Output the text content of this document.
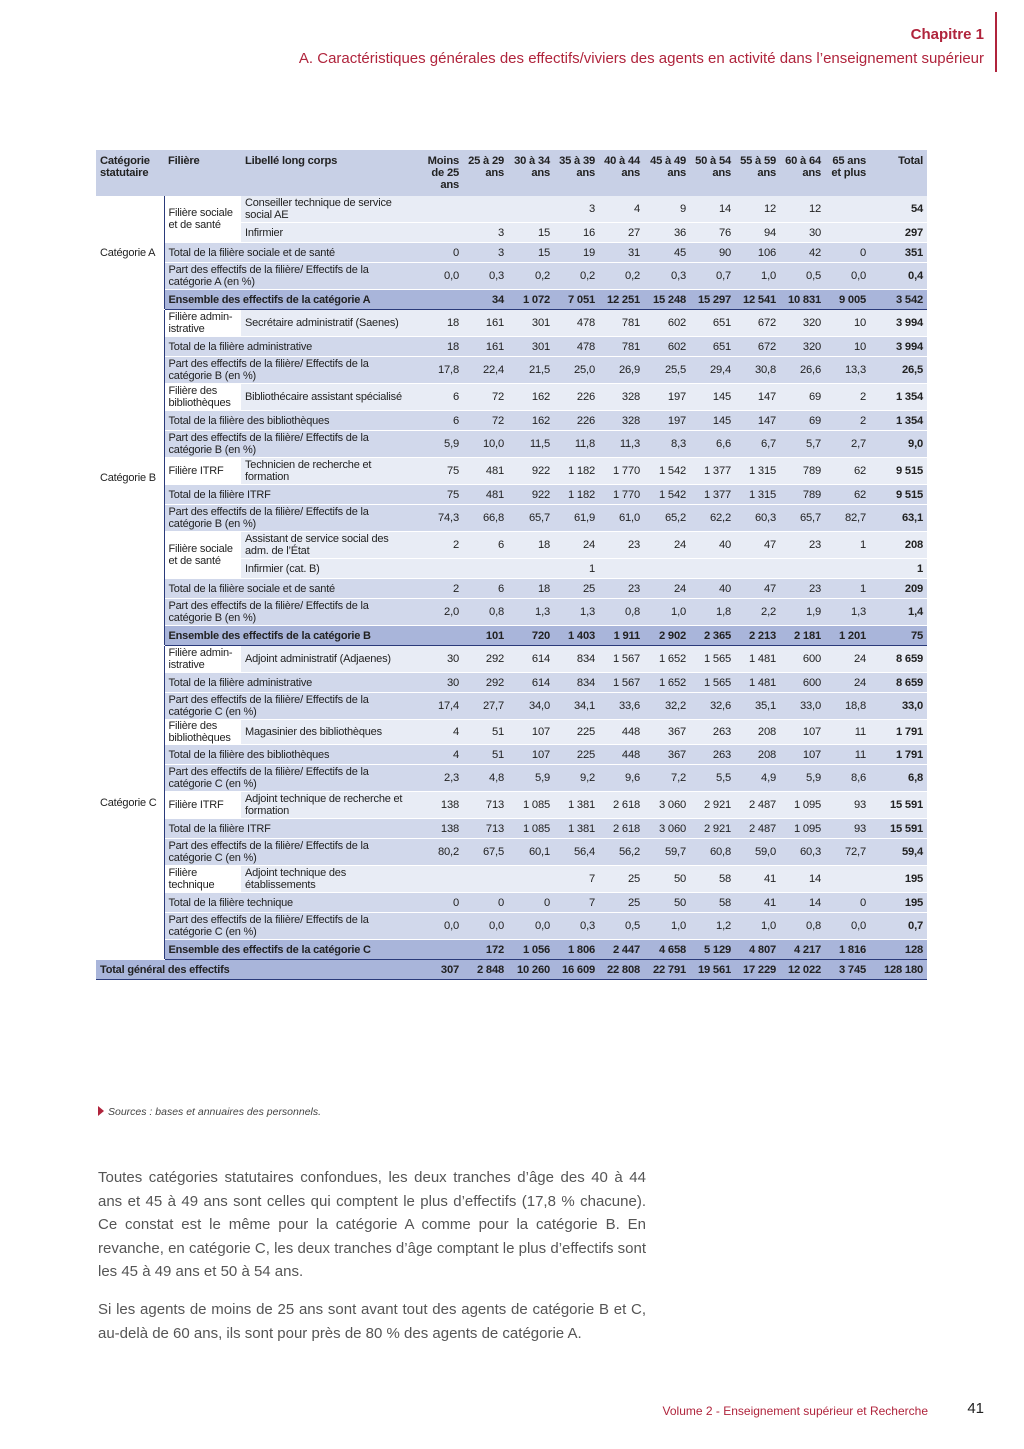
Chapitre 1
A. Caractéristiques générales des effectifs/viviers des agents en activité dans l’enseignement supérieur
Catégorie statutaire	Filière	Libellé long corps	Moins de 25 ans	25 à 29 ans	30 à 34 ans	35 à 39 ans	40 à 44 ans	45 à 49 ans	50 à 54 ans	55 à 59 ans	60 à 64 ans	65 ans et plus	Total	
Catégorie A	Filière sociale et de santé	Conseiller technique de service social AE				3	4	9	14	12	12		54	
		Infirmier		3	15	16	27	36	76	94	30		297	
	Total de la filière sociale et de santé		0	3	15	19	31	45	90	106	42	0	351	
	Part des effectifs de la filière/ Effectifs de la catégorie A (en %)		0,0	0,3	0,2	0,2	0,2	0,3	0,7	1,0	0,5	0,0	0,4	
	Ensemble des effectifs de la catégorie A			34	1 072	7 051	12 251	15 248	15 297	12 541	10 831	9 005	3 542	
Catégorie B	Filière admin- istrative	Secrétaire administratif (Saenes)	18	161	301	478	781	602	651	672	320	10	3 994	
	Total de la filière administrative		18	161	301	478	781	602	651	672	320	10	3 994	
	Part des effectifs de la filière/ Effectifs de la catégorie B (en %)		17,8	22,4	21,5	25,0	26,9	25,5	29,4	30,8	26,6	13,3	26,5	
	Filière des bibliothèques	Bibliothécaire assistant spécialisé	6	72	162	226	328	197	145	147	69	2	1 354	
	Total de la filière des bibliothèques		6	72	162	226	328	197	145	147	69	2	1 354	
	Part des effectifs de la filière/ Effectifs de la catégorie B (en %)		5,9	10,0	11,5	11,8	11,3	8,3	6,6	6,7	5,7	2,7	9,0	
	Filière ITRF	Technicien de recherche et formation	75	481	922	1 182	1 770	1 542	1 377	1 315	789	62	9 515	
	Total de la filière ITRF		75	481	922	1 182	1 770	1 542	1 377	1 315	789	62	9 515	
	Part des effectifs de la filière/ Effectifs de la catégorie B (en %)		74,3	66,8	65,7	61,9	61,0	65,2	62,2	60,3	65,7	82,7	63,1	
	Filière sociale et de santé	Assistant de service social des adm. de l’État	2	6	18	24	23	24	40	47	23	1	208	
		Infirmier (cat. B)				1							1	
	Total de la filière sociale et de santé		2	6	18	25	23	24	40	47	23	1	209	
	Part des effectifs de la filière/ Effectifs de la catégorie B (en %)		2,0	0,8	1,3	1,3	0,8	1,0	1,8	2,2	1,9	1,3	1,4	
	Ensemble des effectifs de la catégorie B			101	720	1 403	1 911	2 902	2 365	2 213	2 181	1 201	75	
Catégorie C	Filière admin- istrative	Adjoint administratif (Adjaenes)	30	292	614	834	1 567	1 652	1 565	1 481	600	24	8 659	
	Total de la filière administrative		30	292	614	834	1 567	1 652	1 565	1 481	600	24	8 659	
	Part des effectifs de la filière/ Effectifs de la catégorie C (en %)		17,4	27,7	34,0	34,1	33,6	32,2	32,6	35,1	33,0	18,8	33,0	
	Filière des bibliothèques	Magasinier des bibliothèques	4	51	107	225	448	367	263	208	107	11	1 791	
	Total de la filière des bibliothèques		4	51	107	225	448	367	263	208	107	11	1 791	
	Part des effectifs de la filière/ Effectifs de la catégorie C (en %)		2,3	4,8	5,9	9,2	9,6	7,2	5,5	4,9	5,9	8,6	6,8	
	Filière ITRF	Adjoint technique de recherche et formation	138	713	1 085	1 381	2 618	3 060	2 921	2 487	1 095	93	15 591	
	Total de la filière ITRF		138	713	1 085	1 381	2 618	3 060	2 921	2 487	1 095	93	15 591	
	Part des effectifs de la filière/ Effectifs de la catégorie C (en %)		80,2	67,5	60,1	56,4	56,2	59,7	60,8	59,0	60,3	72,7	59,4	
	Filière technique	Adjoint technique des établissements				7	25	50	58	41	14		195	
	Total de la filière technique		0	0	0	7	25	50	58	41	14	0	195	
	Part des effectifs de la filière/ Effectifs de la catégorie C (en %)		0,0	0,0	0,0	0,3	0,5	1,0	1,2	1,0	0,8	0,0	0,7	
	Ensemble des effectifs de la catégorie C			172	1 056	1 806	2 447	4 658	5 129	4 807	4 217	1 816	128	
Total général des effectifs			307	2 848	10 260	16 609	22 808	22 791	19 561	17 229	12 022	3 745	128 180	
Sources : bases et annuaires des personnels.

Toutes catégories statutaires confondues, les deux tranches d’âge des 40 à 44 ans et 45 à 49 ans sont celles qui comptent le plus d’effectifs (17,8 % chacune). Ce constat est le même pour la catégorie A comme pour la catégorie B. En revanche, en catégorie C, les deux tranches d’âge comptant le plus d’effectifs sont les 45 à 49 ans et 50 à 54 ans.

Si les agents de moins de 25 ans sont avant tout des agents de catégorie B et C, au-delà de 60 ans, ils sont pour près de 80 % des agents de catégorie A.

Volume 2 - Enseignement supérieur et Recherche	41
